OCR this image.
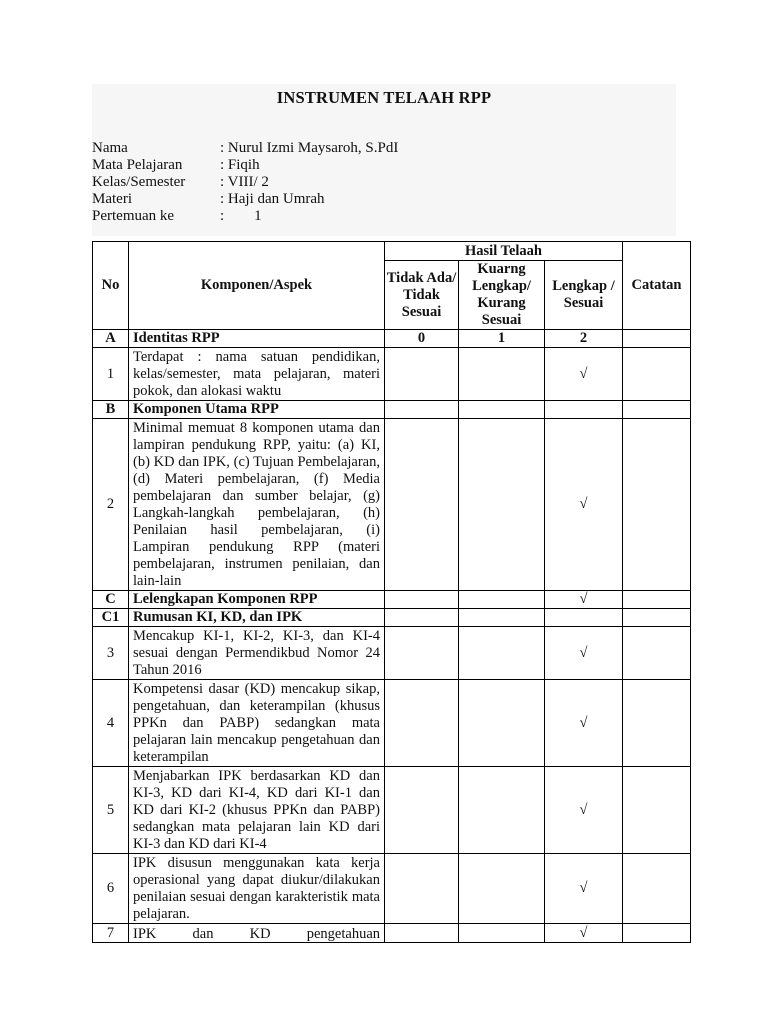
INSTRUMEN TELAAH RPP
Nama	: Nurul Izmi Maysaroh, S.PdI
Mata Pelajaran	: Fiqih
Kelas/Semester : VIII/ 2
Materi	: Haji dan Umrah
Pertemuan ke	:        1
No	Komponen/Aspek	Hasil Telaah			Catatan
		Tidak Ada/ Tidak Sesuai	Kuarng Lengkap/ Kurang Sesuai	Lengkap / Sesuai	
A	Identitas RPP	0	1	2	
1	Terdapat : nama satuan pendidikan, kelas/semester, mata pelajaran, materi pokok, dan alokasi waktu			√	
B	Komponen Utama RPP				
2	Minimal memuat 8 komponen utama dan lampiran pendukung RPP, yaitu: (a) KI, (b) KD dan IPK, (c) Tujuan Pembelajaran, (d) Materi pembelajaran, (f) Media pembelajaran dan sumber belajar, (g) Langkah-langkah pembelajaran, (h) Penilaian hasil pembelajaran, (i) Lampiran pendukung RPP (materi pembelajaran, instrumen penilaian, dan lain-lain			√	
C	Lelengkapan Komponen RPP			√	
C1	Rumusan KI, KD, dan IPK				
3	Mencakup KI-1, KI-2, KI-3, dan KI-4 sesuai dengan Permendikbud Nomor 24 Tahun 2016			√	
4	Kompetensi dasar (KD) mencakup sikap, pengetahuan, dan keterampilan (khusus PPKn dan PABP) sedangkan mata pelajaran lain mencakup pengetahuan dan keterampilan			√	
5	Menjabarkan IPK berdasarkan KD dan KI-3, KD dari KI-4, KD dari KI-1 dan KD dari KI-2 (khusus PPKn dan PABP) sedangkan mata pelajaran lain KD dari KI-3 dan KD dari KI-4			√	
6	IPK disusun menggunakan kata kerja operasional yang dapat diukur/dilakukan penilaian sesuai dengan karakteristik mata pelajaran.			√	
7	IPK dan KD pengetahuan			√	
